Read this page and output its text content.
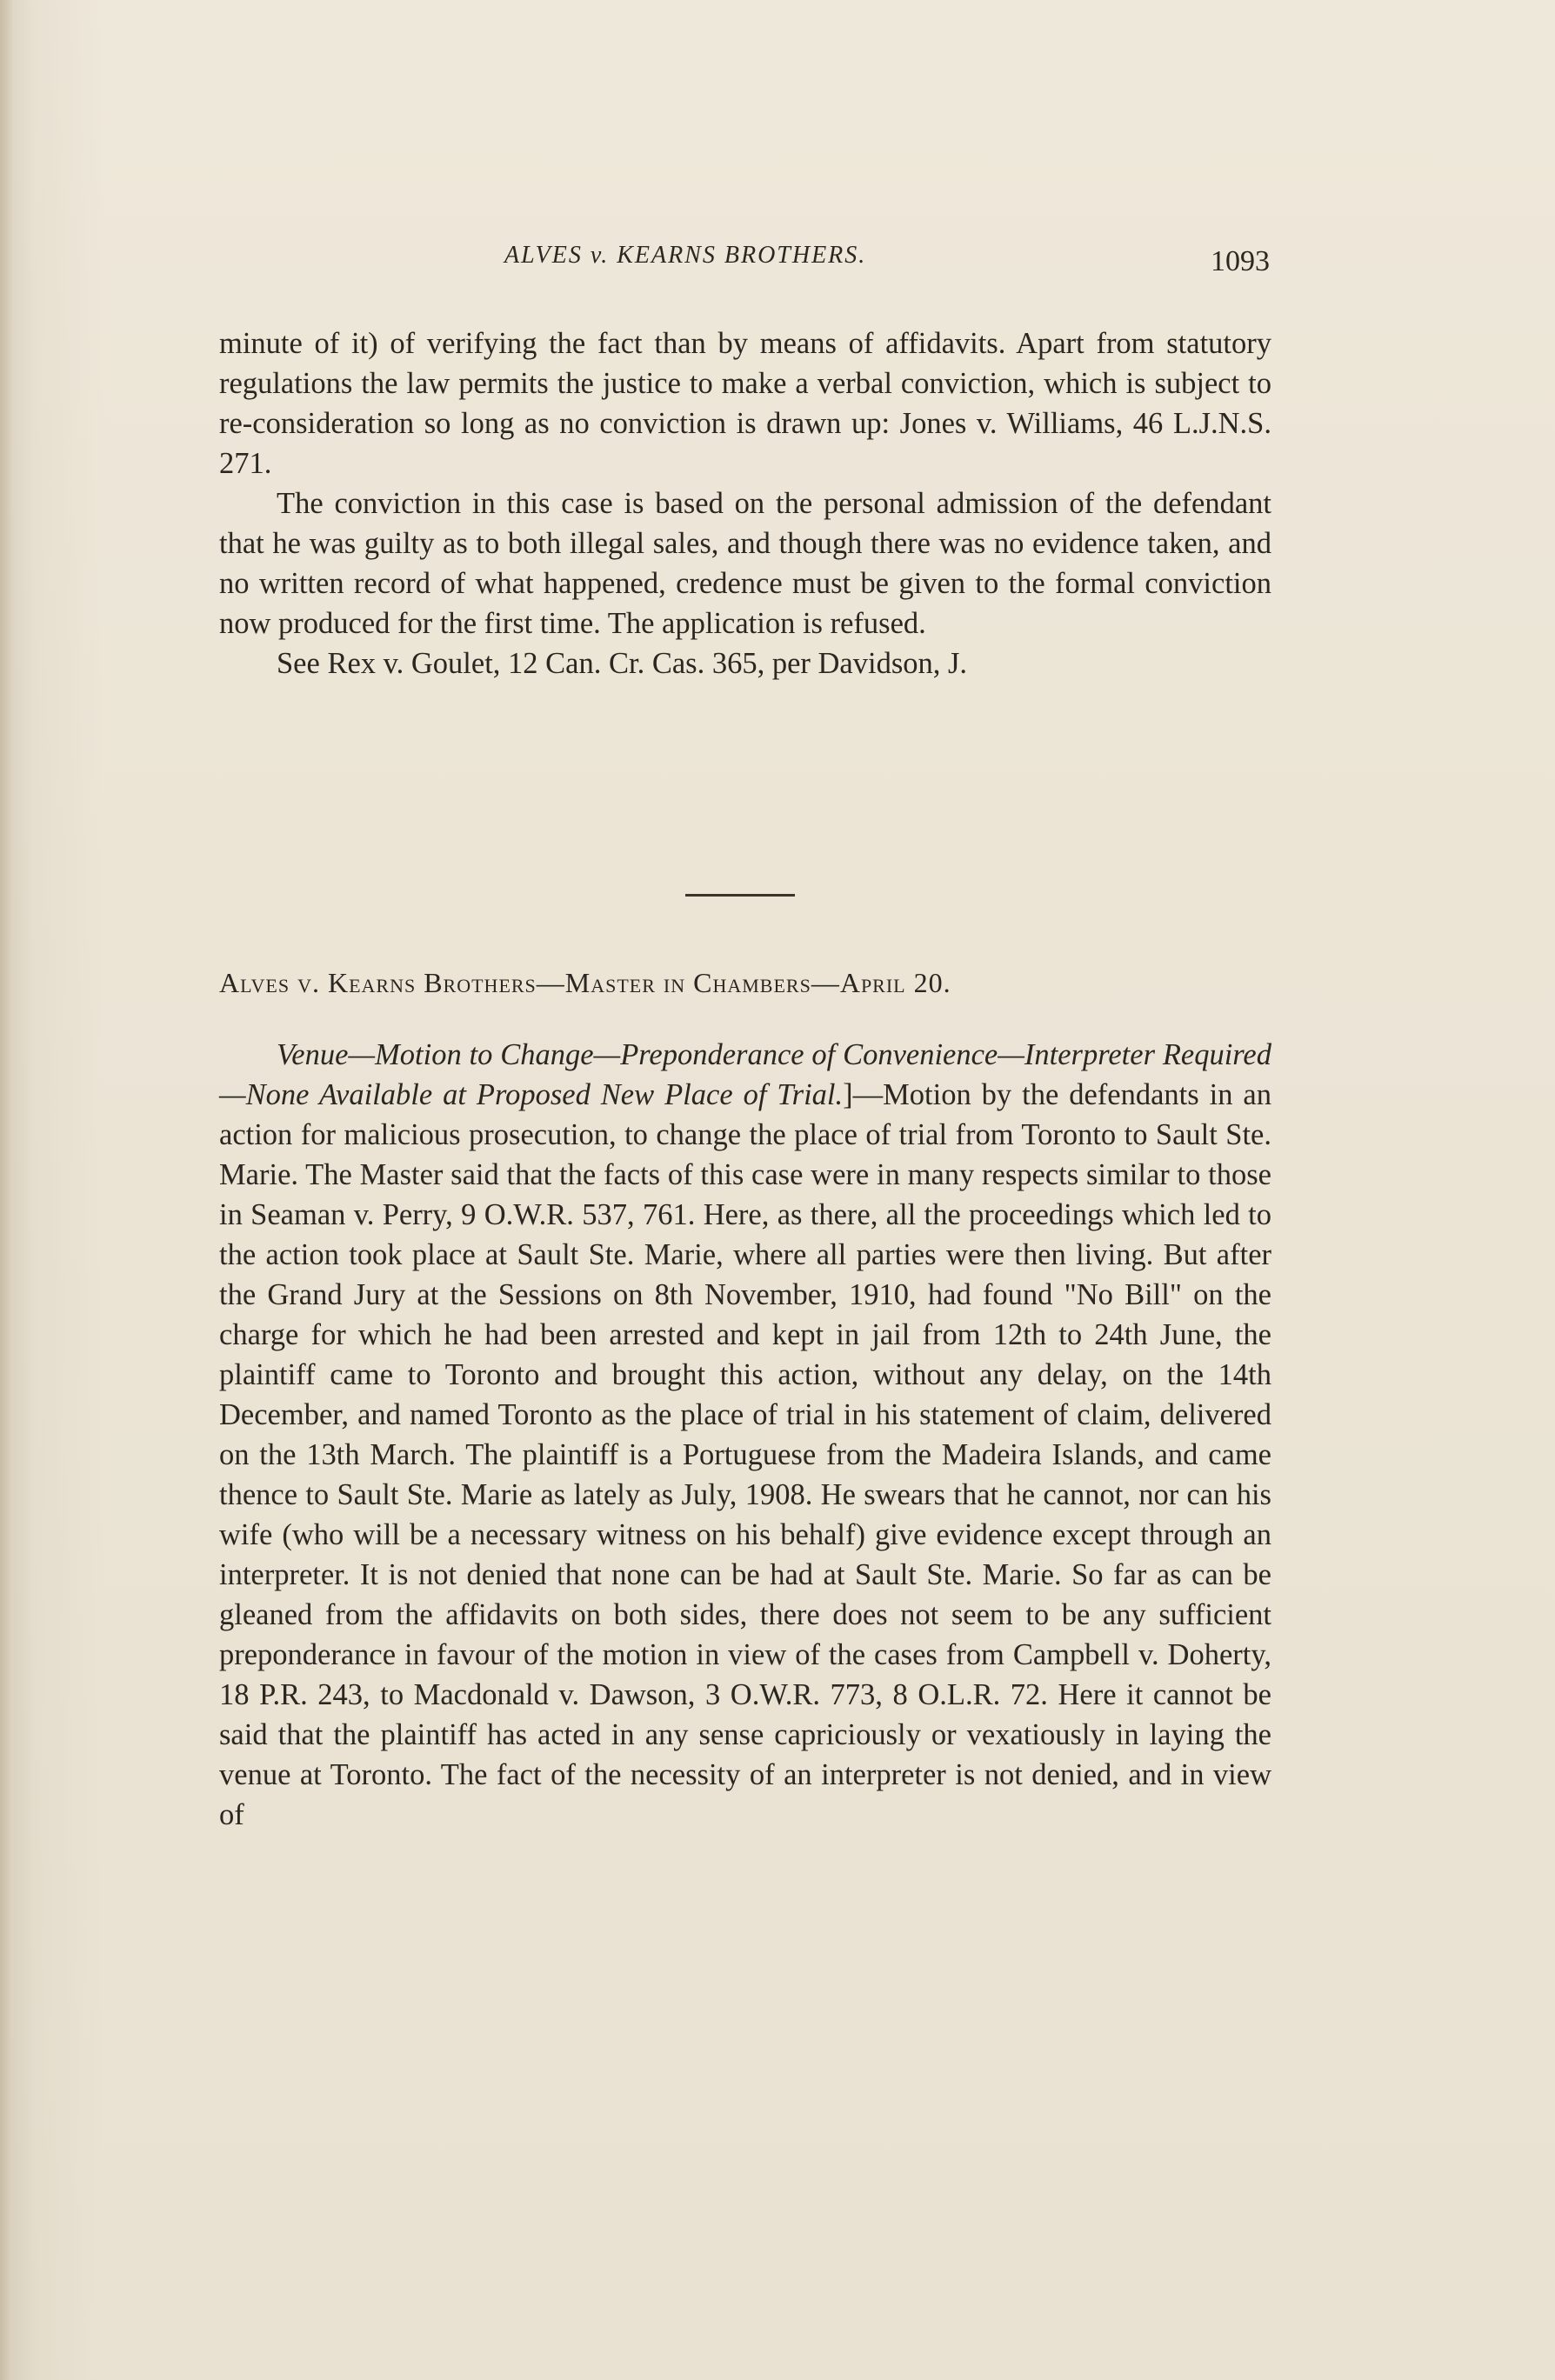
ALVES v. KEARNS BROTHERS.	1093

minute of it) of verifying the fact than by means of affidavits. Apart from statutory regulations the law permits the justice to make a verbal conviction, which is subject to re-consideration so long as no conviction is drawn up: Jones v. Williams, 46 L.J.N.S. 271.

The conviction in this case is based on the personal admission of the defendant that he was guilty as to both illegal sales, and though there was no evidence taken, and no written record of what happened, credence must be given to the formal conviction now produced for the first time. The application is refused.

See Rex v. Goulet, 12 Can. Cr. Cas. 365, per Davidson, J.

Alves v. Kearns Brothers—Master in Chambers—April 20.

Venue—Motion to Change—Preponderance of Convenience—Interpreter Required—None Available at Proposed New Place of Trial.]—Motion by the defendants in an action for malicious prosecution, to change the place of trial from Toronto to Sault Ste. Marie. The Master said that the facts of this case were in many respects similar to those in Seaman v. Perry, 9 O.W.R. 537, 761. Here, as there, all the proceedings which led to the action took place at Sault Ste. Marie, where all parties were then living. But after the Grand Jury at the Sessions on 8th November, 1910, had found "No Bill" on the charge for which he had been arrested and kept in jail from 12th to 24th June, the plaintiff came to Toronto and brought this action, without any delay, on the 14th December, and named Toronto as the place of trial in his statement of claim, delivered on the 13th March. The plaintiff is a Portuguese from the Madeira Islands, and came thence to Sault Ste. Marie as lately as July, 1908. He swears that he cannot, nor can his wife (who will be a necessary witness on his behalf) give evidence except through an interpreter. It is not denied that none can be had at Sault Ste. Marie. So far as can be gleaned from the affidavits on both sides, there does not seem to be any sufficient preponderance in favour of the motion in view of the cases from Campbell v. Doherty, 18 P.R. 243, to Macdonald v. Dawson, 3 O.W.R. 773, 8 O.L.R. 72. Here it cannot be said that the plaintiff has acted in any sense capriciously or vexatiously in laying the venue at Toronto. The fact of the necessity of an interpreter is not denied, and in view of
